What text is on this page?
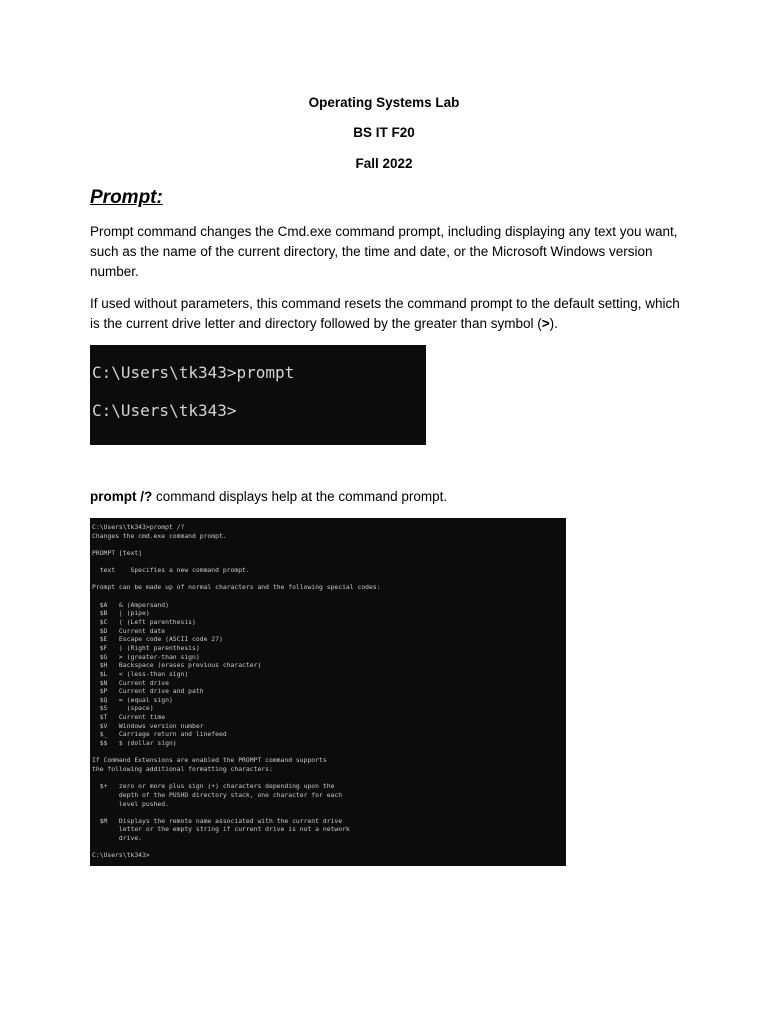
Operating Systems Lab
BS IT F20
Fall 2022
Prompt:
Prompt command changes the Cmd.exe command prompt, including displaying any text you want, such as the name of the current directory, the time and date, or the Microsoft Windows version number.
If used without parameters, this command resets the command prompt to the default setting, which is the current drive letter and directory followed by the greater than symbol (>).
C:\Users\tk343>prompt
C:\Users\tk343>
prompt /? command displays help at the command prompt.
C:\Users\tk343>prompt /?
Changes the cmd.exe command prompt.
PROMPT [text]
text    Specifies a new command prompt.
Prompt can be made up of normal characters and the following special codes:
$A   & (Ampersand)
$B   | (pipe)
$C   ( (Left parenthesis)
$D   Current date
$E   Escape code (ASCII code 27)
$F   ) (Right parenthesis)
$G   > (greater-than sign)
$H   Backspace (erases previous character)
$L   < (less-than sign)
$N   Current drive
$P   Current drive and path
$Q   = (equal sign)
$S     (space)
$T   Current time
$V   Windows version number
$_   Carriage return and linefeed
$$   $ (dollar sign)
If Command Extensions are enabled the PROMPT command supports
the following additional formatting characters:
$+   zero or more plus sign (+) characters depending upon the
depth of the PUSHD directory stack, one character for each
level pushed.
$M   Displays the remote name associated with the current drive
letter or the empty string if current drive is not a network
drive.
C:\Users\tk343>
